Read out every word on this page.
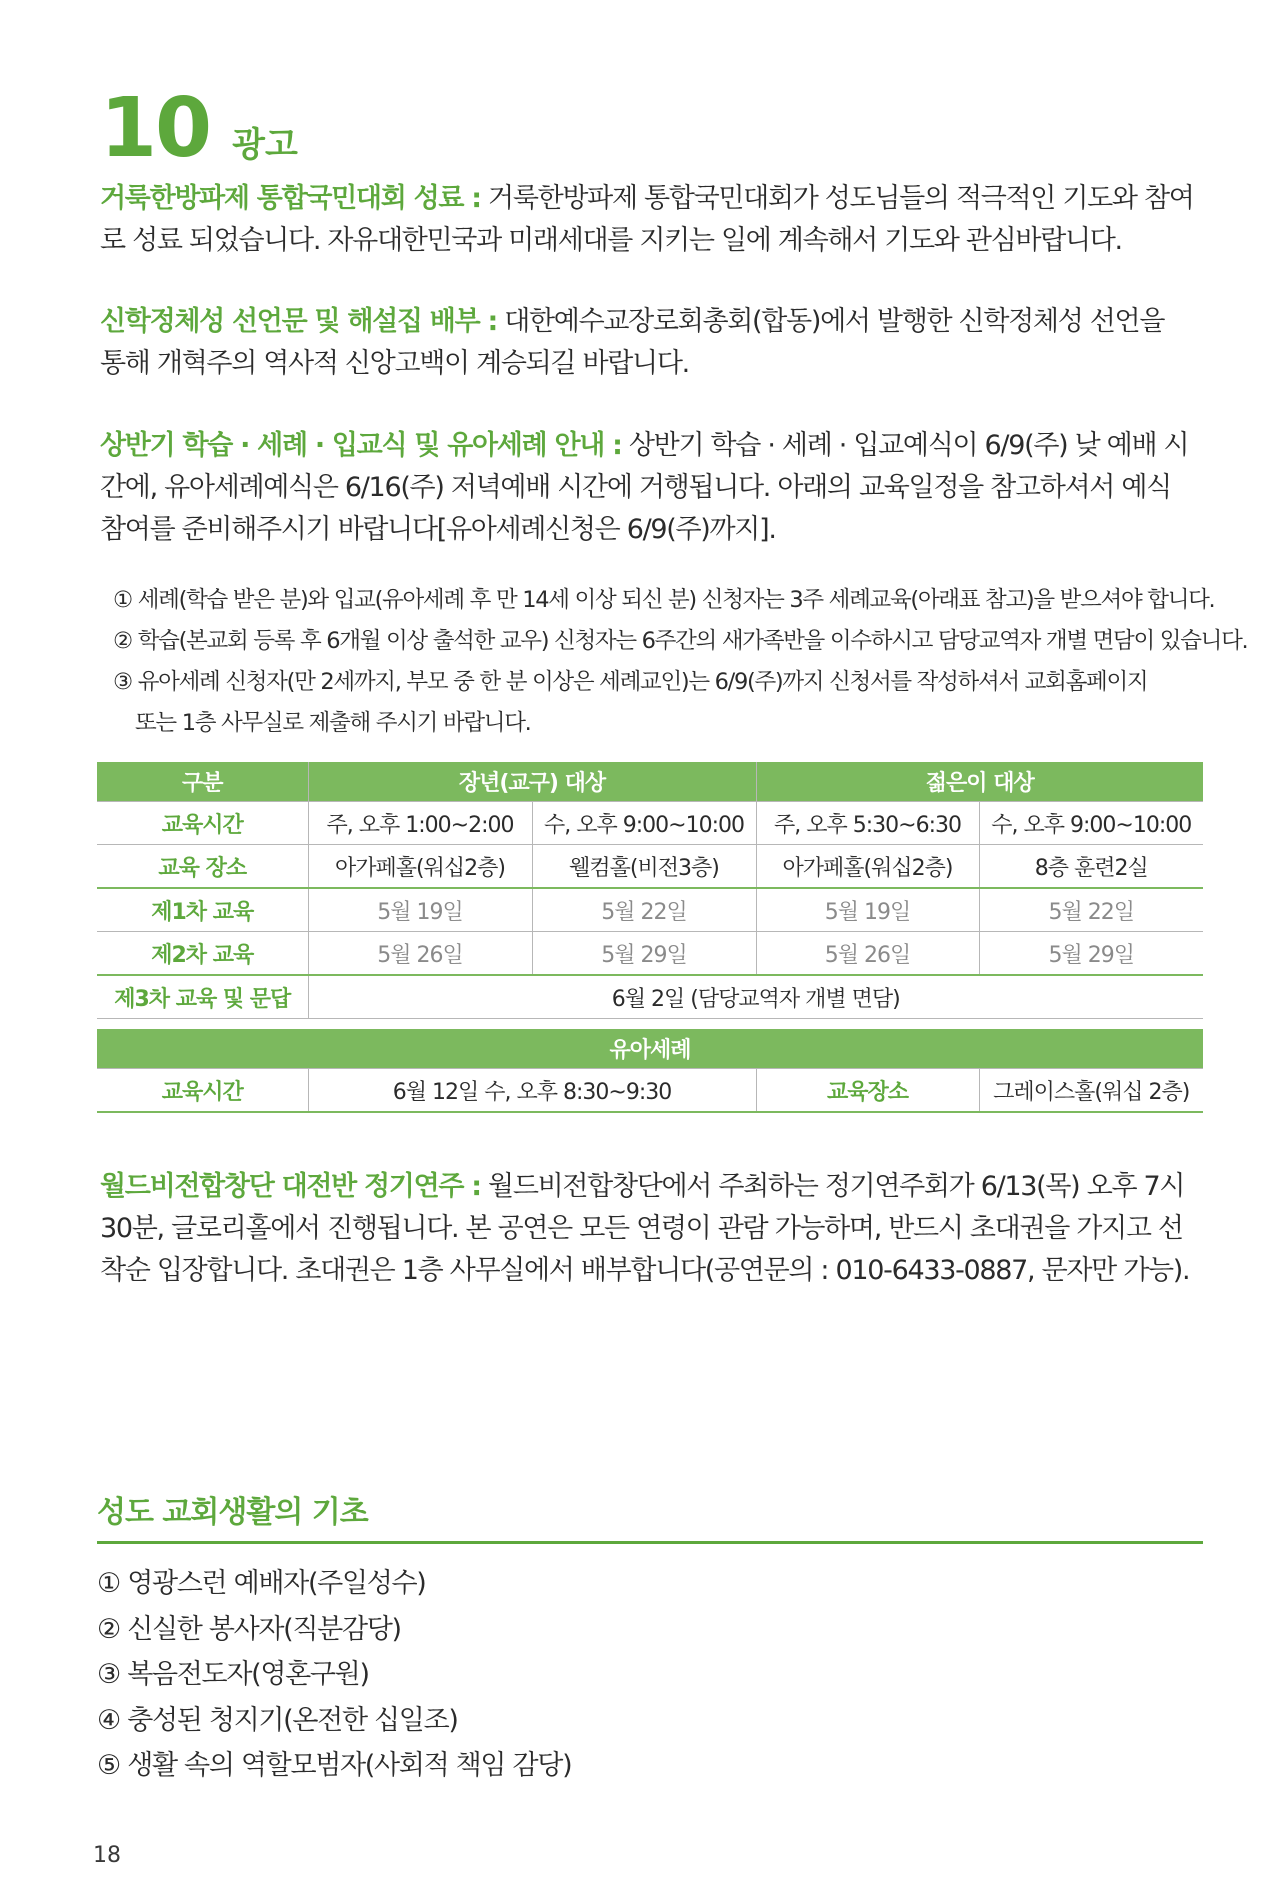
10 광고
거룩한방파제 통합국민대회 성료 : 거룩한방파제 통합국민대회가 성도님들의 적극적인 기도와 참여로 성료 되었습니다. 자유대한민국과 미래세대를 지키는 일에 계속해서 기도와 관심바랍니다.
신학정체성 선언문 및 해설집 배부 : 대한예수교장로회총회(합동)에서 발행한 신학정체성 선언을 통해 개혁주의 역사적 신앙고백이 계승되길 바랍니다.
상반기 학습 · 세례 · 입교식 및 유아세례 안내 : 상반기 학습 · 세례 · 입교예식이 6/9(주) 낮 예배 시간에, 유아세례예식은 6/16(주) 저녁예배 시간에 거행됩니다. 아래의 교육일정을 참고하셔서 예식 참여를 준비해주시기 바랍니다[유아세례신청은 6/9(주)까지].
① 세례(학습 받은 분)와 입교(유아세례 후 만 14세 이상 되신 분) 신청자는 3주 세례교육(아래표 참고)을 받으셔야 합니다.
② 학습(본교회 등록 후 6개월 이상 출석한 교우) 신청자는 6주간의 새가족반을 이수하시고 담당교역자 개별 면담이 있습니다.
③ 유아세례 신청자(만 2세까지, 부모 중 한 분 이상은 세례교인)는 6/9(주)까지 신청서를 작성하셔서 교회홈페이지
또는 1층 사무실로 제출해 주시기 바랍니다.
구분	장년(교구) 대상		젊은이 대상	
교육시간	주, 오후 1:00~2:00	수, 오후 9:00~10:00	주, 오후 5:30~6:30	수, 오후 9:00~10:00
교육 장소	아가페홀(워십2층)	웰컴홀(비전3층)	아가페홀(워십2층)	8층 훈련2실
제1차 교육	5월 19일	5월 22일	5월 19일	5월 22일
제2차 교육	5월 26일	5월 29일	5월 26일	5월 29일
제3차 교육 및 문답	6월 2일 (담당교역자 개별 면담)			
유아세례
교육시간	6월 12일 수, 오후 8:30~9:30	교육장소	그레이스홀(워십 2층)
월드비전합창단 대전반 정기연주 : 월드비전합창단에서 주최하는 정기연주회가 6/13(목) 오후 7시 30분, 글로리홀에서 진행됩니다. 본 공연은 모든 연령이 관람 가능하며, 반드시 초대권을 가지고 선착순 입장합니다. 초대권은 1층 사무실에서 배부합니다(공연문의 : 010-6433-0887, 문자만 가능).
성도 교회생활의 기초
① 영광스런 예배자(주일성수)
② 신실한 봉사자(직분감당)
③ 복음전도자(영혼구원)
④ 충성된 청지기(온전한 십일조)
⑤ 생활 속의 역할모범자(사회적 책임 감당)
18
